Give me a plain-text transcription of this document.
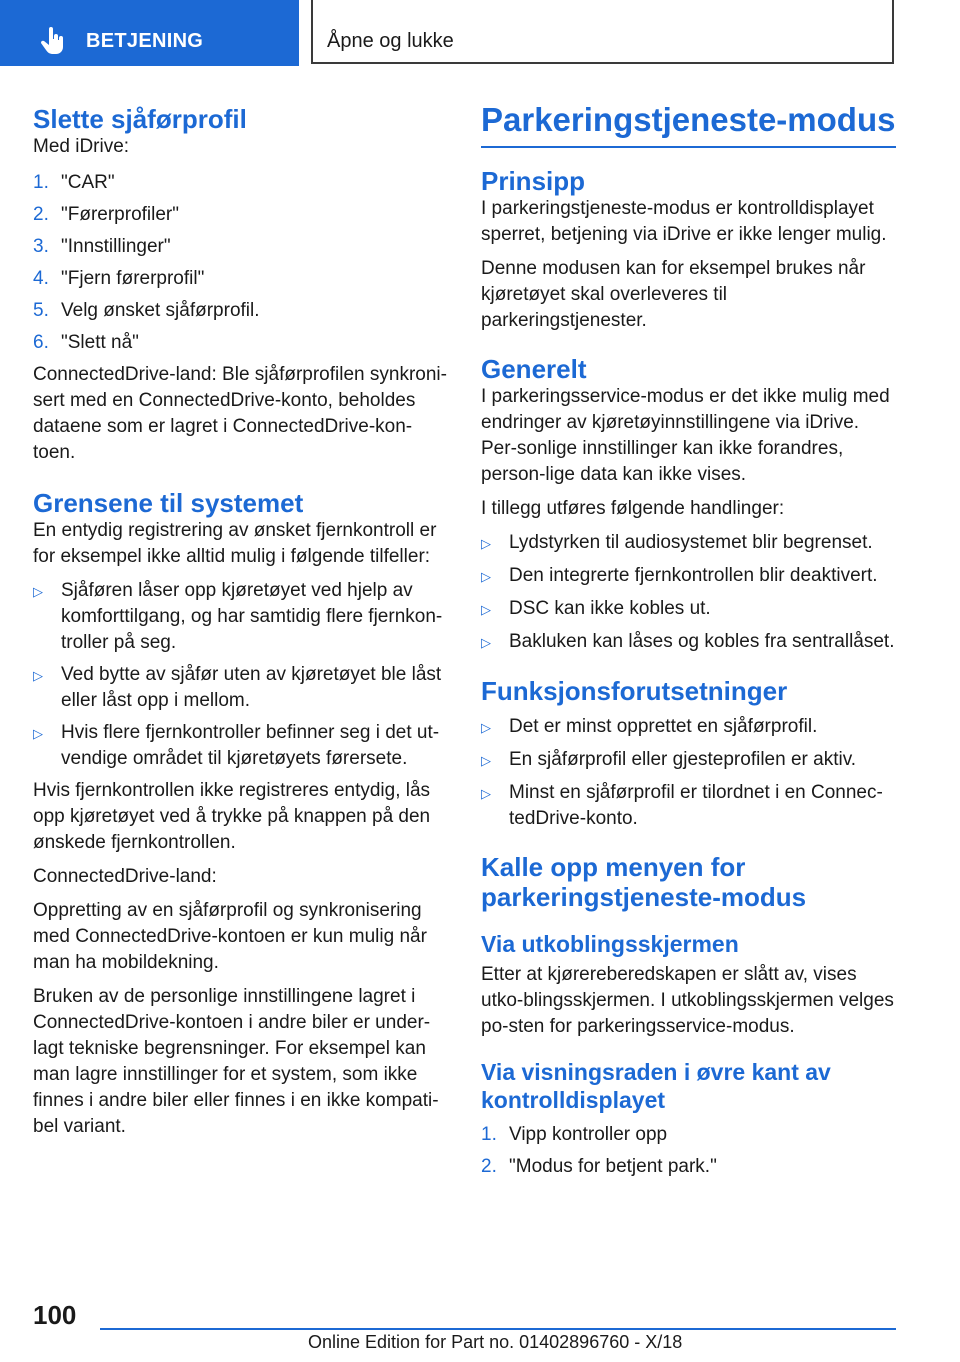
BETJENING	Åpne og lukke
Slette sjåførprofil

Med iDrive:

1. "CAR"
2. "Førerprofiler"
3. "Innstillinger"
4. "Fjern førerprofil"
5. Velg ønsket sjåførprofil.
6. "Slett nå"

ConnectedDrive-land: Ble sjåførprofilen synkroni-sert med en ConnectedDrive-konto, beholdes dataene som er lagret i ConnectedDrive-kon-toen.

Grensene til systemet

En entydig registrering av ønsket fjernkontroll er for eksempel ikke alltid mulig i følgende tilfeller:

▷ Sjåføren låser opp kjøretøyet ved hjelp av komforttilgang, og har samtidig flere fjernkon-troller på seg.
▷ Ved bytte av sjåfør uten av kjøretøyet ble låst eller låst opp i mellom.
▷ Hvis flere fjernkontroller befinner seg i det ut-vendige området til kjøretøyets førersete.

Hvis fjernkontrollen ikke registreres entydig, lås opp kjøretøyet ved å trykke på knappen på den ønskede fjernkontrollen.

ConnectedDrive-land:

Oppretting av en sjåførprofil og synkronisering med ConnectedDrive-kontoen er kun mulig når man ha mobildekning.

Bruken av de personlige innstillingene lagret i ConnectedDrive-kontoen i andre biler er under-lagt tekniske begrensninger. For eksempel kan man lagre innstillinger for et system, som ikke finnes i andre biler eller finnes i en ikke kompati-bel variant.

Parkeringstjeneste-modus
Prinsipp

I parkeringstjeneste-modus er kontrolldisplayet sperret, betjening via iDrive er ikke lenger mulig.

Denne modusen kan for eksempel brukes når kjøretøyet skal overleveres til parkeringstjenester.

Generelt

I parkeringsservice-modus er det ikke mulig med endringer av kjøretøyinnstillingene via iDrive. Per-sonlige innstillinger kan ikke forandres, person-lige data kan ikke vises.

I tillegg utføres følgende handlinger:

▷ Lydstyrken til audiosystemet blir begrenset.
▷ Den integrerte fjernkontrollen blir deaktivert.
▷ DSC kan ikke kobles ut.
▷ Bakluken kan låses og kobles fra sentrallåset.
Funksjonsforutsetninger
▷ Det er minst opprettet en sjåførprofil.
▷ En sjåførprofil eller gjesteprofilen er aktiv.
▷ Minst en sjåførprofil er tilordnet i en Connec-tedDrive-konto.
Kalle opp menyen for parkeringstjeneste-modus
Via utkoblingsskjermen

Etter at kjørereberedskapen er slått av, vises utko-blingsskjermen. I utkoblingsskjermen velges po-sten for parkeringsservice-modus.

Via visningsraden i øvre kant av kontrolldisplayet
1. Vipp kontroller opp
2. "Modus for betjent park."
100
Online Edition for Part no. 01402896760 - X/18
